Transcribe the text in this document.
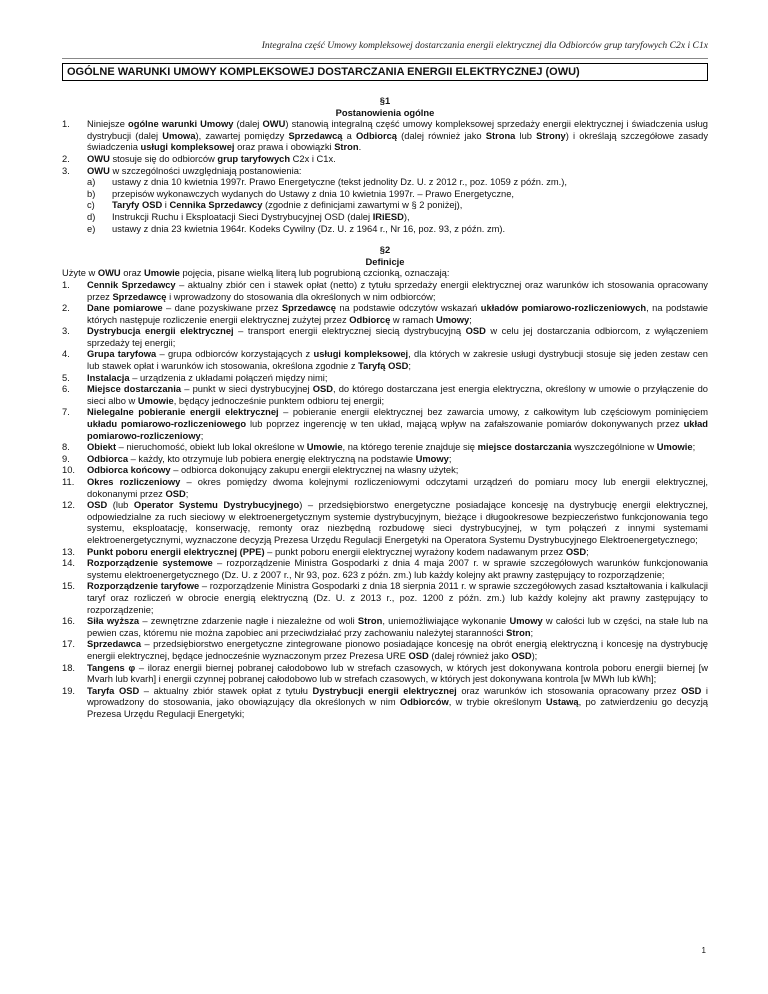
Integralna część Umowy kompleksowej dostarczania energii elektrycznej dla Odbiorców grup taryfowych C2x i C1x
OGÓLNE WARUNKI UMOWY KOMPLEKSOWEJ DOSTARCZANIA ENERGII ELEKTRYCZNEJ (OWU)
§1
Postanowienia ogólne
1.	Niniejsze ogólne warunki Umowy (dalej OWU) stanowią integralną część umowy kompleksowej sprzedaży energii elektrycznej i świadczenia usług dystrybucji (dalej Umowa), zawartej pomiędzy Sprzedawcą a Odbiorcą (dalej również jako Strona lub Strony) i określają szczegółowe zasady świadczenia usługi kompleksowej oraz prawa i obowiązki Stron.
2.	OWU stosuje się do odbiorców grup taryfowych C2x i C1x.
3.	OWU w szczególności uwzględniają postanowienia:
a)	ustawy z dnia 10 kwietnia 1997r. Prawo Energetyczne (tekst jednolity Dz. U. z 2012 r., poz. 1059 z późn. zm.),
b)	przepisów wykonawczych wydanych do Ustawy z dnia 10 kwietnia 1997r. – Prawo Energetyczne,
c)	Taryfy OSD i Cennika Sprzedawcy (zgodnie z definicjami zawartymi w § 2 poniżej),
d)	Instrukcji Ruchu i Eksploatacji Sieci Dystrybucyjnej OSD (dalej IRiESD),
e)	ustawy z dnia 23 kwietnia 1964r. Kodeks Cywilny (Dz. U. z 1964 r., Nr 16, poz. 93, z późn. zm).
§2
Definicje
Użyte w OWU oraz Umowie pojęcia, pisane wielką literą lub pogrubioną czcionką, oznaczają:
1.	Cennik Sprzedawcy – aktualny zbiór cen i stawek opłat (netto) z tytułu sprzedaży energii elektrycznej oraz warunków ich stosowania opracowany przez Sprzedawcę i wprowadzony do stosowania dla określonych w nim odbiorców;
2.	Dane pomiarowe – dane pozyskiwane przez Sprzedawcę na podstawie odczytów wskazań układów pomiarowo-rozliczeniowych, na podstawie których następuje rozliczenie energii elektrycznej zużytej przez Odbiorcę w ramach Umowy;
3.	Dystrybucja energii elektrycznej – transport energii elektrycznej siecią dystrybucyjną OSD w celu jej dostarczania odbiorcom, z wyłączeniem sprzedaży tej energii;
4.	Grupa taryfowa – grupa odbiorców korzystających z usługi kompleksowej, dla których w zakresie usługi dystrybucji stosuje się jeden zestaw cen lub stawek opłat i warunków ich stosowania, określona zgodnie z Taryfą OSD;
5.	Instalacja – urządzenia z układami połączeń między nimi;
6.	Miejsce dostarczania – punkt w sieci dystrybucyjnej OSD, do którego dostarczana jest energia elektryczna, określony w umowie o przyłączenie do sieci albo w Umowie, będący jednocześnie punktem odbioru tej energii;
7.	Nielegalne pobieranie energii elektrycznej – pobieranie energii elektrycznej bez zawarcia umowy, z całkowitym lub częściowym pominięciem układu pomiarowo-rozliczeniowego lub poprzez ingerencję w ten układ, mającą wpływ na zafałszowanie pomiarów dokonywanych przez układ pomiarowo-rozliczeniowy;
8.	Obiekt – nieruchomość, obiekt lub lokal określone w Umowie, na którego terenie znajduje się miejsce dostarczania wyszczególnione w Umowie;
9.	Odbiorca – każdy, kto otrzymuje lub pobiera energię elektryczną na podstawie Umowy;
10.	Odbiorca końcowy – odbiorca dokonujący zakupu energii elektrycznej na własny użytek;
11.	Okres rozliczeniowy – okres pomiędzy dwoma kolejnymi rozliczeniowymi odczytami urządzeń do pomiaru mocy lub energii elektrycznej, dokonanymi przez OSD;
12.	OSD (lub Operator Systemu Dystrybucyjnego) – przedsiębiorstwo energetyczne posiadające koncesję na dystrybucję energii elektrycznej, odpowiedzialne za ruch sieciowy w elektroenergetycznym systemie dystrybucyjnym, bieżące i długookresowe bezpieczeństwo funkcjonowania tego systemu, eksploatację, konserwację, remonty oraz niezbędną rozbudowę sieci dystrybucyjnej, w tym połączeń z innymi systemami elektroenergetycznymi, wyznaczone decyzją Prezesa Urzędu Regulacji Energetyki na Operatora Systemu Dystrybucyjnego Elektroenergetycznego;
13.	Punkt poboru energii elektrycznej (PPE) – punkt poboru energii elektrycznej wyrażony kodem nadawanym przez OSD;
14.	Rozporządzenie systemowe – rozporządzenie Ministra Gospodarki z dnia 4 maja 2007 r. w sprawie szczegółowych warunków funkcjonowania systemu elektroenergetycznego (Dz. U. z 2007 r., Nr 93, poz. 623 z późn. zm.) lub każdy kolejny akt prawny zastępujący to rozporządzenie;
15.	Rozporządzenie taryfowe – rozporządzenie Ministra Gospodarki z dnia 18 sierpnia 2011 r. w sprawie szczegółowych zasad kształtowania i kalkulacji taryf oraz rozliczeń w obrocie energią elektryczną (Dz. U. z 2013 r., poz. 1200 z późn. zm.) lub każdy kolejny akt prawny zastępujący to rozporządzenie;
16.	Siła wyższa – zewnętrzne zdarzenie nagłe i niezależne od woli Stron, uniemożliwiające wykonanie Umowy w całości lub w części, na stałe lub na pewien czas, któremu nie można zapobiec ani przeciwdziałać przy zachowaniu należytej staranności Stron;
17.	Sprzedawca – przedsiębiorstwo energetyczne zintegrowane pionowo posiadające koncesję na obrót energią elektryczną i koncesję na dystrybucję energii elektrycznej, będące jednocześnie wyznaczonym przez Prezesa URE OSD (dalej również jako OSD);
18.	Tangens φ – iloraz energii biernej pobranej całodobowo lub w strefach czasowych, w których jest dokonywana kontrola poboru energii biernej [w Mvarh lub kvarh] i energii czynnej pobranej całodobowo lub w strefach czasowych, w których jest dokonywana kontrola [w MWh lub kWh];
19.	Taryfa OSD – aktualny zbiór stawek opłat z tytułu Dystrybucji energii elektrycznej oraz warunków ich stosowania opracowany przez OSD i wprowadzony do stosowania, jako obowiązujący dla określonych w nim Odbiorców, w trybie określonym Ustawą, po zatwierdzeniu go decyzją Prezesa Urzędu Regulacji Energetyki;
1
